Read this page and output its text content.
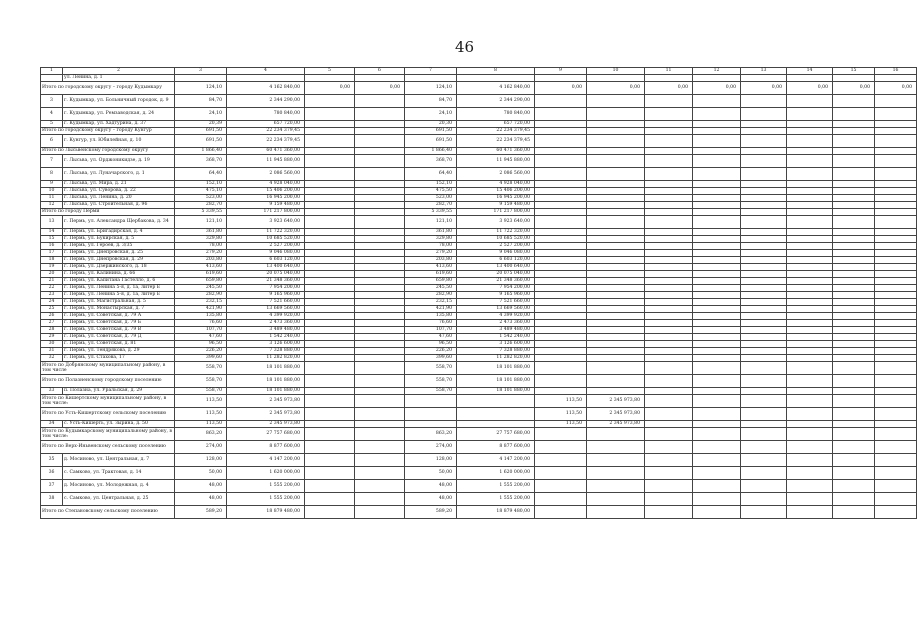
46
1	2	3	4	5	6	7	8	9	10	11	12	13	14	15	16
	ул. Ленина, д. 1														
Итого по городскому округу – городу Кудымкару		124,10	4 162 840,00	0,00	0,00	124,10	4 162 840,00	0,00	0,00	0,00	0,00	0,00	0,00	0,00	0,00
3	г. Кудымкар, ул. Больничный городок, д. 9	84,70	2 344 290,00			84,70	2 344 290,00								
4	г. Кудымкар, ул. Ремзаводская, д. 24	24,10	780 840,00			24,10	780 840,00								
5	г. Кудымкар, ул. Хадтурина, д. 37	20,39	657 720,00			20,30	657 720,00								
Итого по городскому округу – городу Кунгур		691,50	22 234 379,45			691,50	22 234 379,45								
6	г. Кунгур, ул. Юбилейная, д. 10	691,50	22 234 379,45			691,50	22 234 379,45								
Итого по Лысьвенскому городскому округу		1 866,40	60 471 360,00			1 866,40	60 471 360,00								
7	г. Лысьва, ул. Орджоникидзе, д. 19	368,70	11 945 880,00			368,70	11 945 880,00								
8	г. Лысьва, ул. Луначарского, д. 1	64,40	2 086 560,00			64,40	2 086 560,00								
9	г. Лысьва, ул. Мира, д. 21	152,10	4 928 040,00			152,10	4 928 040,00								
10	г. Лысьва, ул. Суворова, д. 22	475,10	15 406 200,00			475,50	15 406 200,00								
11	г. Лысьва, ул. Ленина, д. 20	523,00	16 945 200,00			523,00	16 945 200,00								
12	г. Лысьва, ул. Строительная, д. 96	282,70	9 159 480,00			282,70	9 159 480,00								
Итого по городу Перми		5 339,55	171 217 800,00			5 339,55	171 217 800,00								
13	г. Пермь, ул. Александра Щербакова, д. 34	121,10	3 923 640,00			121,10	3 923 640,00								
14	г. Пермь, ул. Бригадирская, д. 4	361,80	11 722 320,00			361,80	11 722 320,00								
15	г. Пермь, ул. Букирская, д. 5	329,80	10 685 520,00			329,80	10 685 520,00								
16	г. Пермь, ул. Героев, д. 3/35	78,00	2 527 200,00			78,00	2 527 200,00								
17	г. Пермь, ул. Днепровская, д. 25	279,20	9 046 080,00			279,20	9 046 080,00								
18	г. Пермь, ул. Днепровская, д. 29	203,80	6 603 120,00			203,80	6 603 120,00								
19	г. Пермь, ул. Дзержинского, д. 18	413,60	13 400 640,00			413,60	13 400 640,00								
20	г. Пермь, ул. Калинина, д. 66	619,60	20 075 040,00			619,60	20 075 040,00								
21	г. Пермь, ул. Капитана Гастелло, д. 6	659,80	21 348 360,00			659,80	21 348 360,00								
22	г. Пермь, ул. Ленина 5-я, д. 1а, литер Е	245,50	7 954 200,00			245,50	7 954 200,00								
23	г. Пермь, ул. Ленина 5-я, д. 1а, литер Е	282,90	9 165 960,00			282,90	9 165 960,00								
24	г. Пермь, ул. Магистральная, д. 5	232,15	7 521 660,00			232,15	7 521 660,00								
25	г. Пермь, ул. Монастырская, д. 7	421,90	13 669 560,00			421,90	13 669 560,00								
26	г. Пермь, ул. Советская, д. 79 А	135,80	4 399 920,00			135,80	4 399 920,00								
27	г. Пермь, ул. Советская, д. 79 Б	76,60	2 473 360,00			76,60	2 473 360,00								
28	г. Пермь, ул. Советская, д. 79 В	107,70	3 489 480,00			107,70	3 489 480,00								
29	г. Пермь, ул. Советская, д. 79 Д	47,60	1 542 240,00			47,60	1 542 240,00								
30	г. Пермь, ул. Советская, д. 81	96,50	3 126 600,00			96,50	3 126 600,00								
31	г. Пермь, ул. Тендрякова, д. 29	226,20	7 328 880,00			226,20	7 328 880,00								
32	г. Пермь, ул. Стахова, 17	399,60	11 282 820,00			399,60	11 282 820,00								
Итого по Добрянскому муниципальному району, в том числе		558,70	18 101 880,00			558,70	18 101 880,00								
Итого по Полазненскому городскому поселению		558,70	18 101 880,00			558,70	18 101 880,00								
33	п. Полазна, ул. Уральская, д. 29	558,70	18 101 880,00			558,70	18 101 880,00								
Итого по Кишертскому муниципальному району, в том числе:		113,50	2 345 973,80					113,50	2 345 973,80						
Итого по Усть-Кишертскому сельскому поселению		113,50	2 345 973,80					113,50	2 345 973,80						
34	с. Усть-Кишерть, ул. Зырина, д. 50	113,50	2 345 973,80					113,50	2 345 973,80						
Итого по Кудымкарскому муниципальному району, в том числе:		863,20	27 757 680,00			863,20	27 757 680,00								
Итого по Верх-Иньвенскому сельскому поселению		274,00	8 877 600,00			274,00	8 877 600,00								
35	д. Мосиново, ул. Центральная, д. 7	128,00	4 147 200,00			128,00	4 147 200,00								
36	с. Самково, ул. Трактовая, д. 14	50,00	1 620 000,00			50,00	1 620 000,00								
37	д. Мосиново, ул. Молодежная, д. 4	48,00	1 555 200,00			48,00	1 555 200,00								
38	с. Самково, ул. Центральная, д. 25	48,00	1 555 200,00			48,00	1 555 200,00								
Итого по Степановскому сельскому поселению		589,20	18 879 480,00			589,20	18 879 480,00								
